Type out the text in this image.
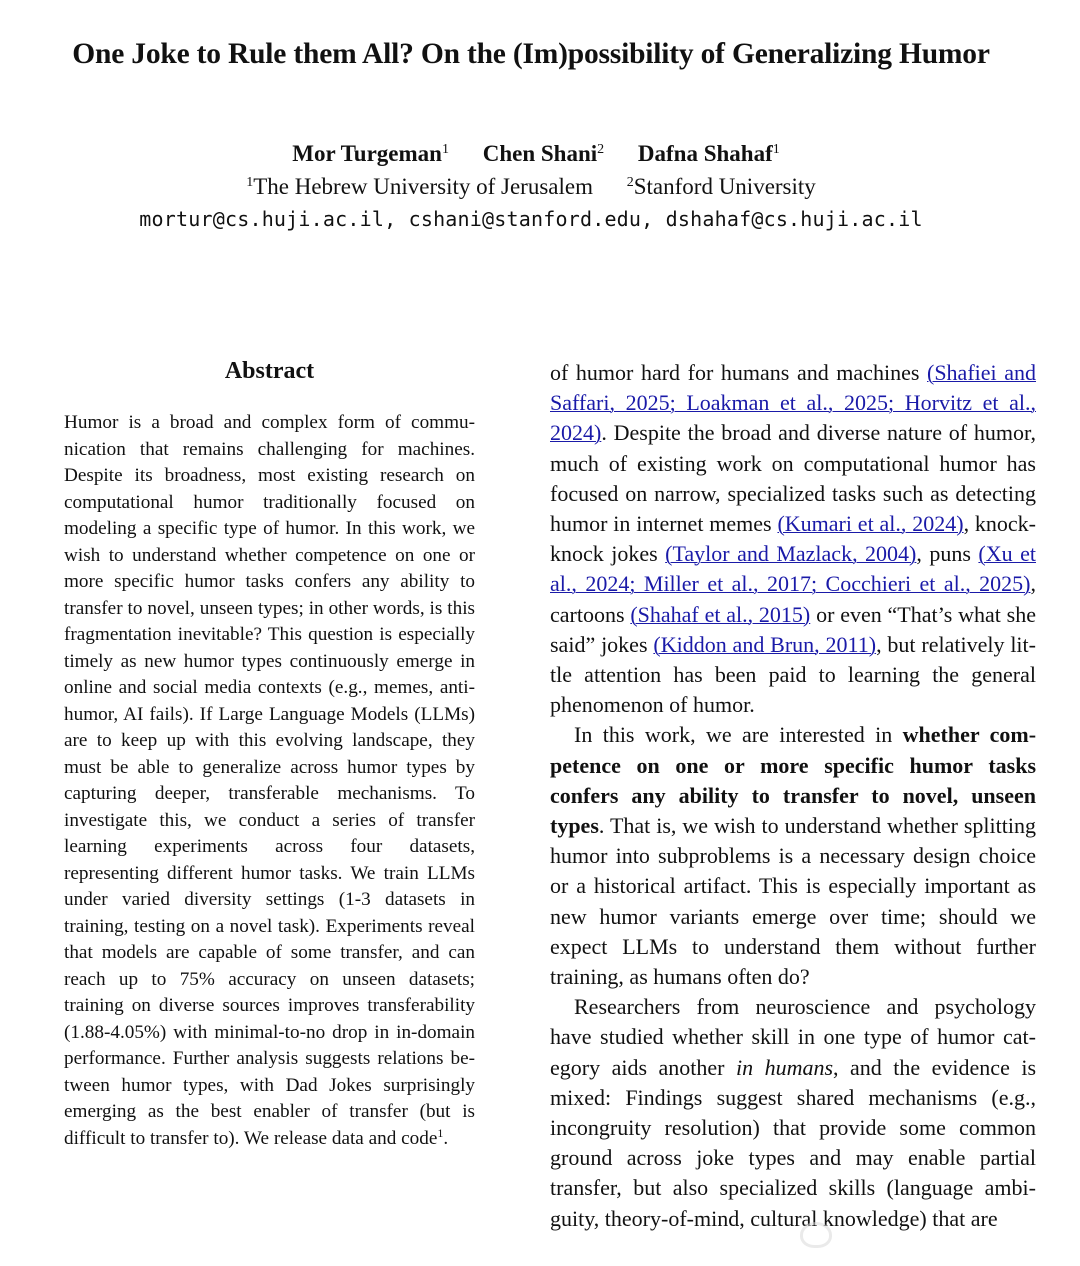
One Joke to Rule them All? On the (Im)possibility of Generalizing Humor
Mor Turgeman$^1$ Chen Shani$^2$ Dafna Shahaf$^1$
$^1$The Hebrew University of Jerusalem $^2$Stanford University
mortur@cs.huji.ac.il, cshani@stanford.edu, dshahaf@cs.huji.ac.il
Abstract
Humor is a broad and complex form of communication that remains challenging for machines. Despite its broadness, most existing research on computational humor traditionally focused on modeling a specific type of humor. In this work, we wish to understand whether competence on one or more specific humor tasks confers any ability to transfer to novel, unseen types; in other words, is this fragmentation inevitable? This question is especially timely as new humor types continuously emerge in online and social media contexts (e.g., memes, anti-humor, AI fails). If Large Language Models (LLMs) are to keep up with this evolving landscape, they must be able to generalize across humor types by capturing deeper, transferable mechanisms. To investigate this, we conduct a series of transfer learning experiments across four datasets, representing different humor tasks. We train LLMs under varied diversity settings (1-3 datasets in training, testing on a novel task). Experiments reveal that models are capable of some transfer, and can reach up to 75% accuracy on unseen datasets; training on diverse sources improves transferability (1.88-4.05%) with minimal-to-no drop in in-domain performance. Further analysis suggests relations between humor types, with Dad Jokes surprisingly emerging as the best enabler of transfer (but is difficult to transfer to). We release data and code$^1$.

of humor hard for humans and machines (Shafiei and Saffari, 2025; Loakman et al., 2025; Horvitz et al., 2024). Despite the broad and diverse nature of humor, much of existing work on computational humor has focused on narrow, specialized tasks such as detecting humor in internet memes (Kumari et al., 2024), knock-knock jokes (Taylor and Mazlack, 2004), puns (Xu et al., 2024; Miller et al., 2017; Cocchieri et al., 2025), cartoons (Shahaf et al., 2015) or even “That’s what she said” jokes (Kiddon and Brun, 2011), but relatively little attention has been paid to learning the general phenomenon of humor.

In this work, we are interested in whether competence on one or more specific humor tasks confers any ability to transfer to novel, unseen types. That is, we wish to understand whether splitting humor into subproblems is a necessary design choice or a historical artifact. This is especially important as new humor variants emerge over time; should we expect LLMs to understand them without further training, as humans often do?

Researchers from neuroscience and psychology have studied whether skill in one type of humor category aids another in humans, and the evidence is mixed: Findings suggest shared mechanisms (e.g., incongruity resolution) that provide some common ground across joke types and may enable partial transfer, but also specialized skills (language ambiguity, theory-of-mind, cultural knowledge) that are
